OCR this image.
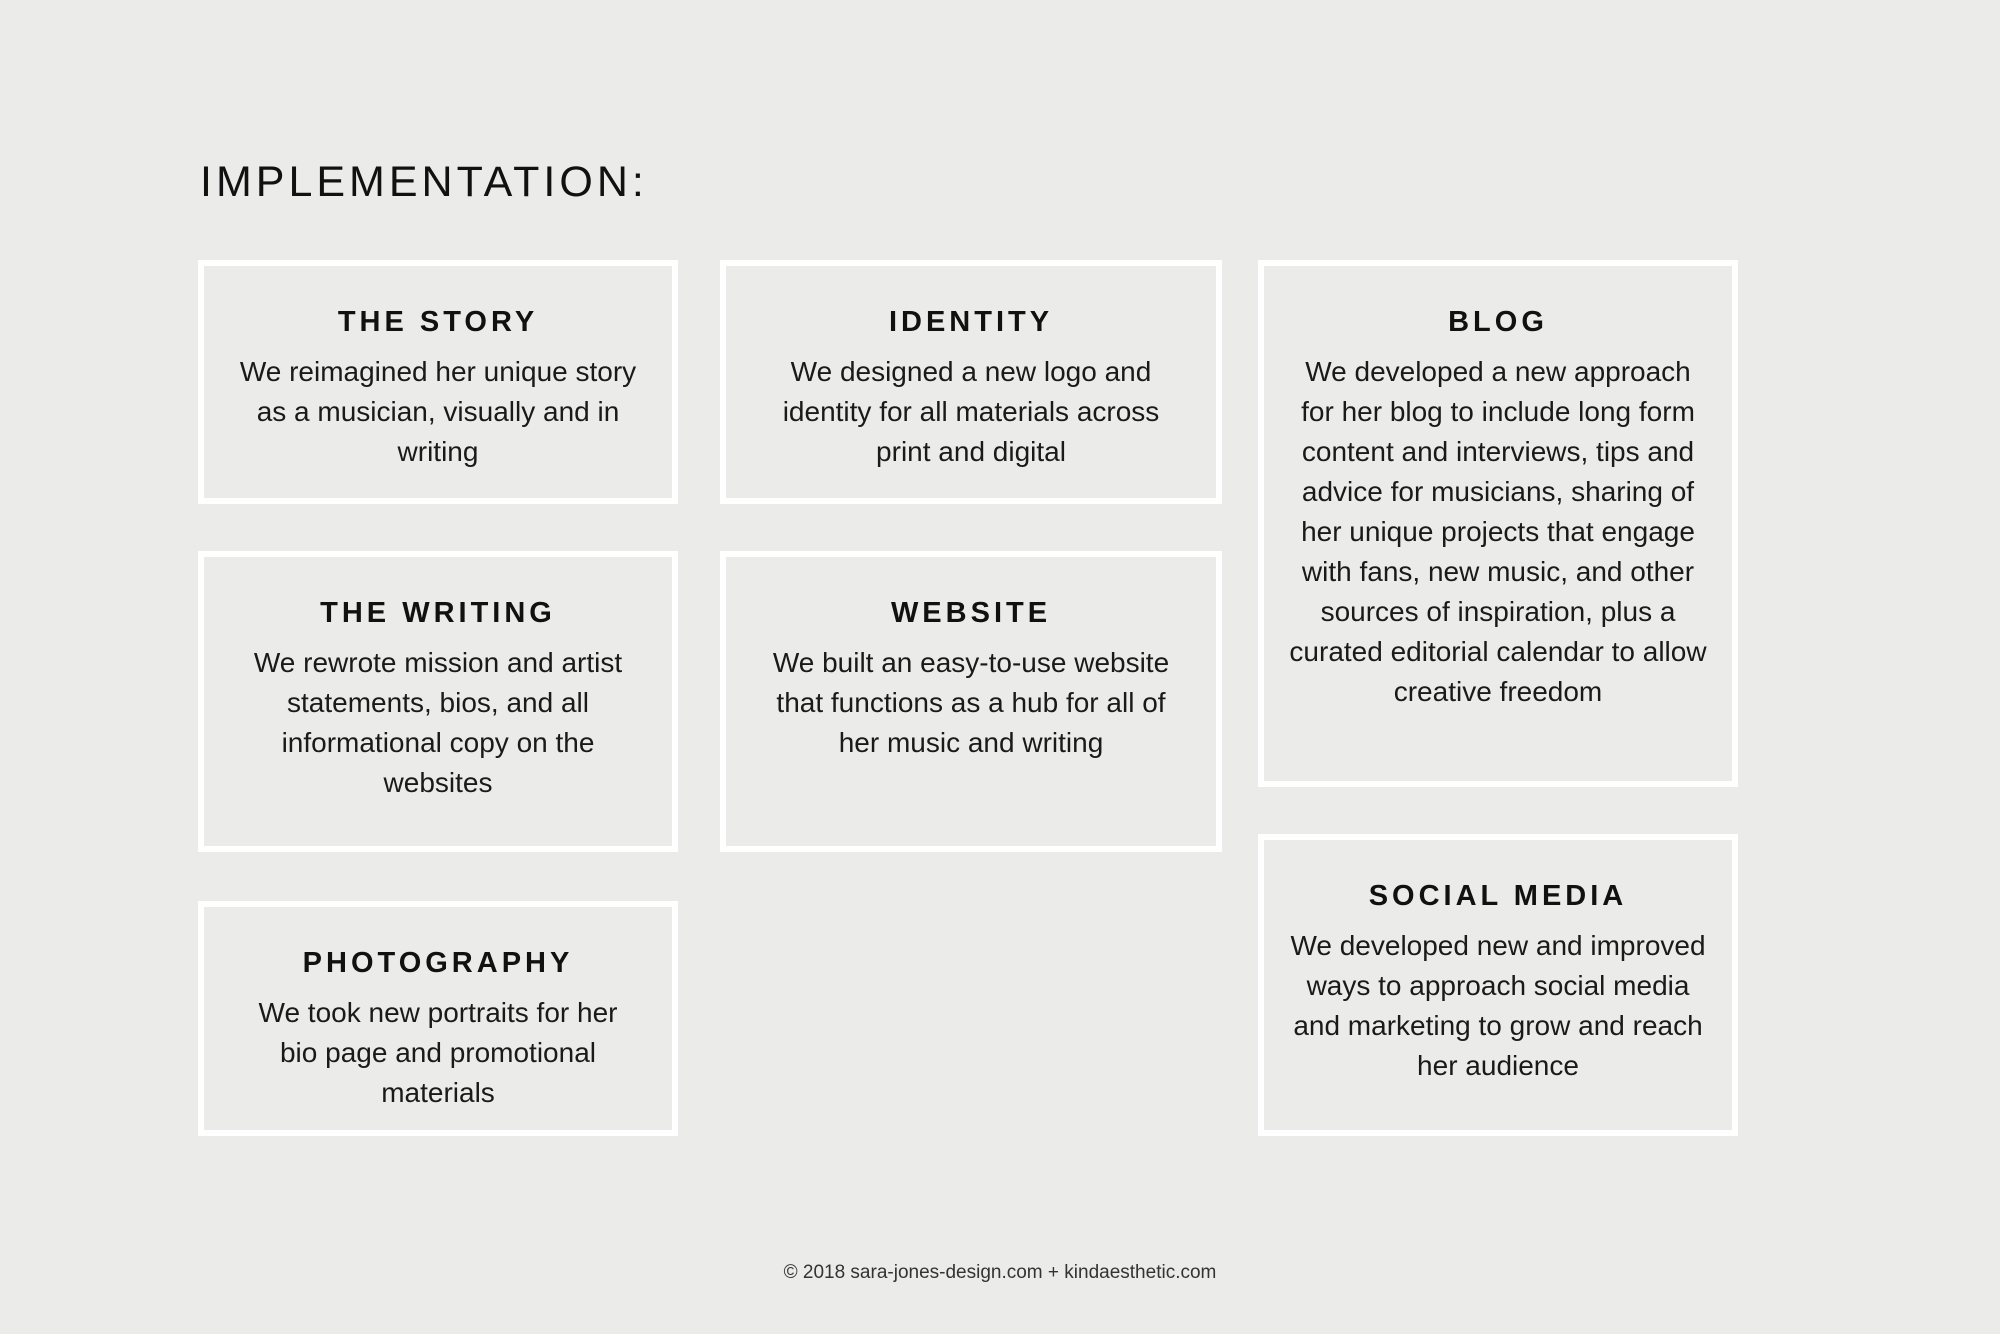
IMPLEMENTATION:
THE STORY

We reimagined her unique story as a musician, visually and in writing

IDENTITY

We designed a new logo and identity for all materials across print and digital

BLOG

We developed a new approach for her blog to include long form content and interviews, tips and advice for musicians, sharing of her unique projects that engage with fans, new music, and other sources of inspiration, plus a curated editorial calendar to allow creative freedom

THE WRITING

We rewrote mission and artist statements, bios, and all informational copy on the websites

WEBSITE

We built an easy-to-use website that functions as a hub for all of her music and writing

SOCIAL MEDIA

We developed new and improved ways to approach social media and marketing to grow and reach her audience

PHOTOGRAPHY

We took new portraits for her bio page and promotional materials

© 2018 sara-jones-design.com + kindaesthetic.com
